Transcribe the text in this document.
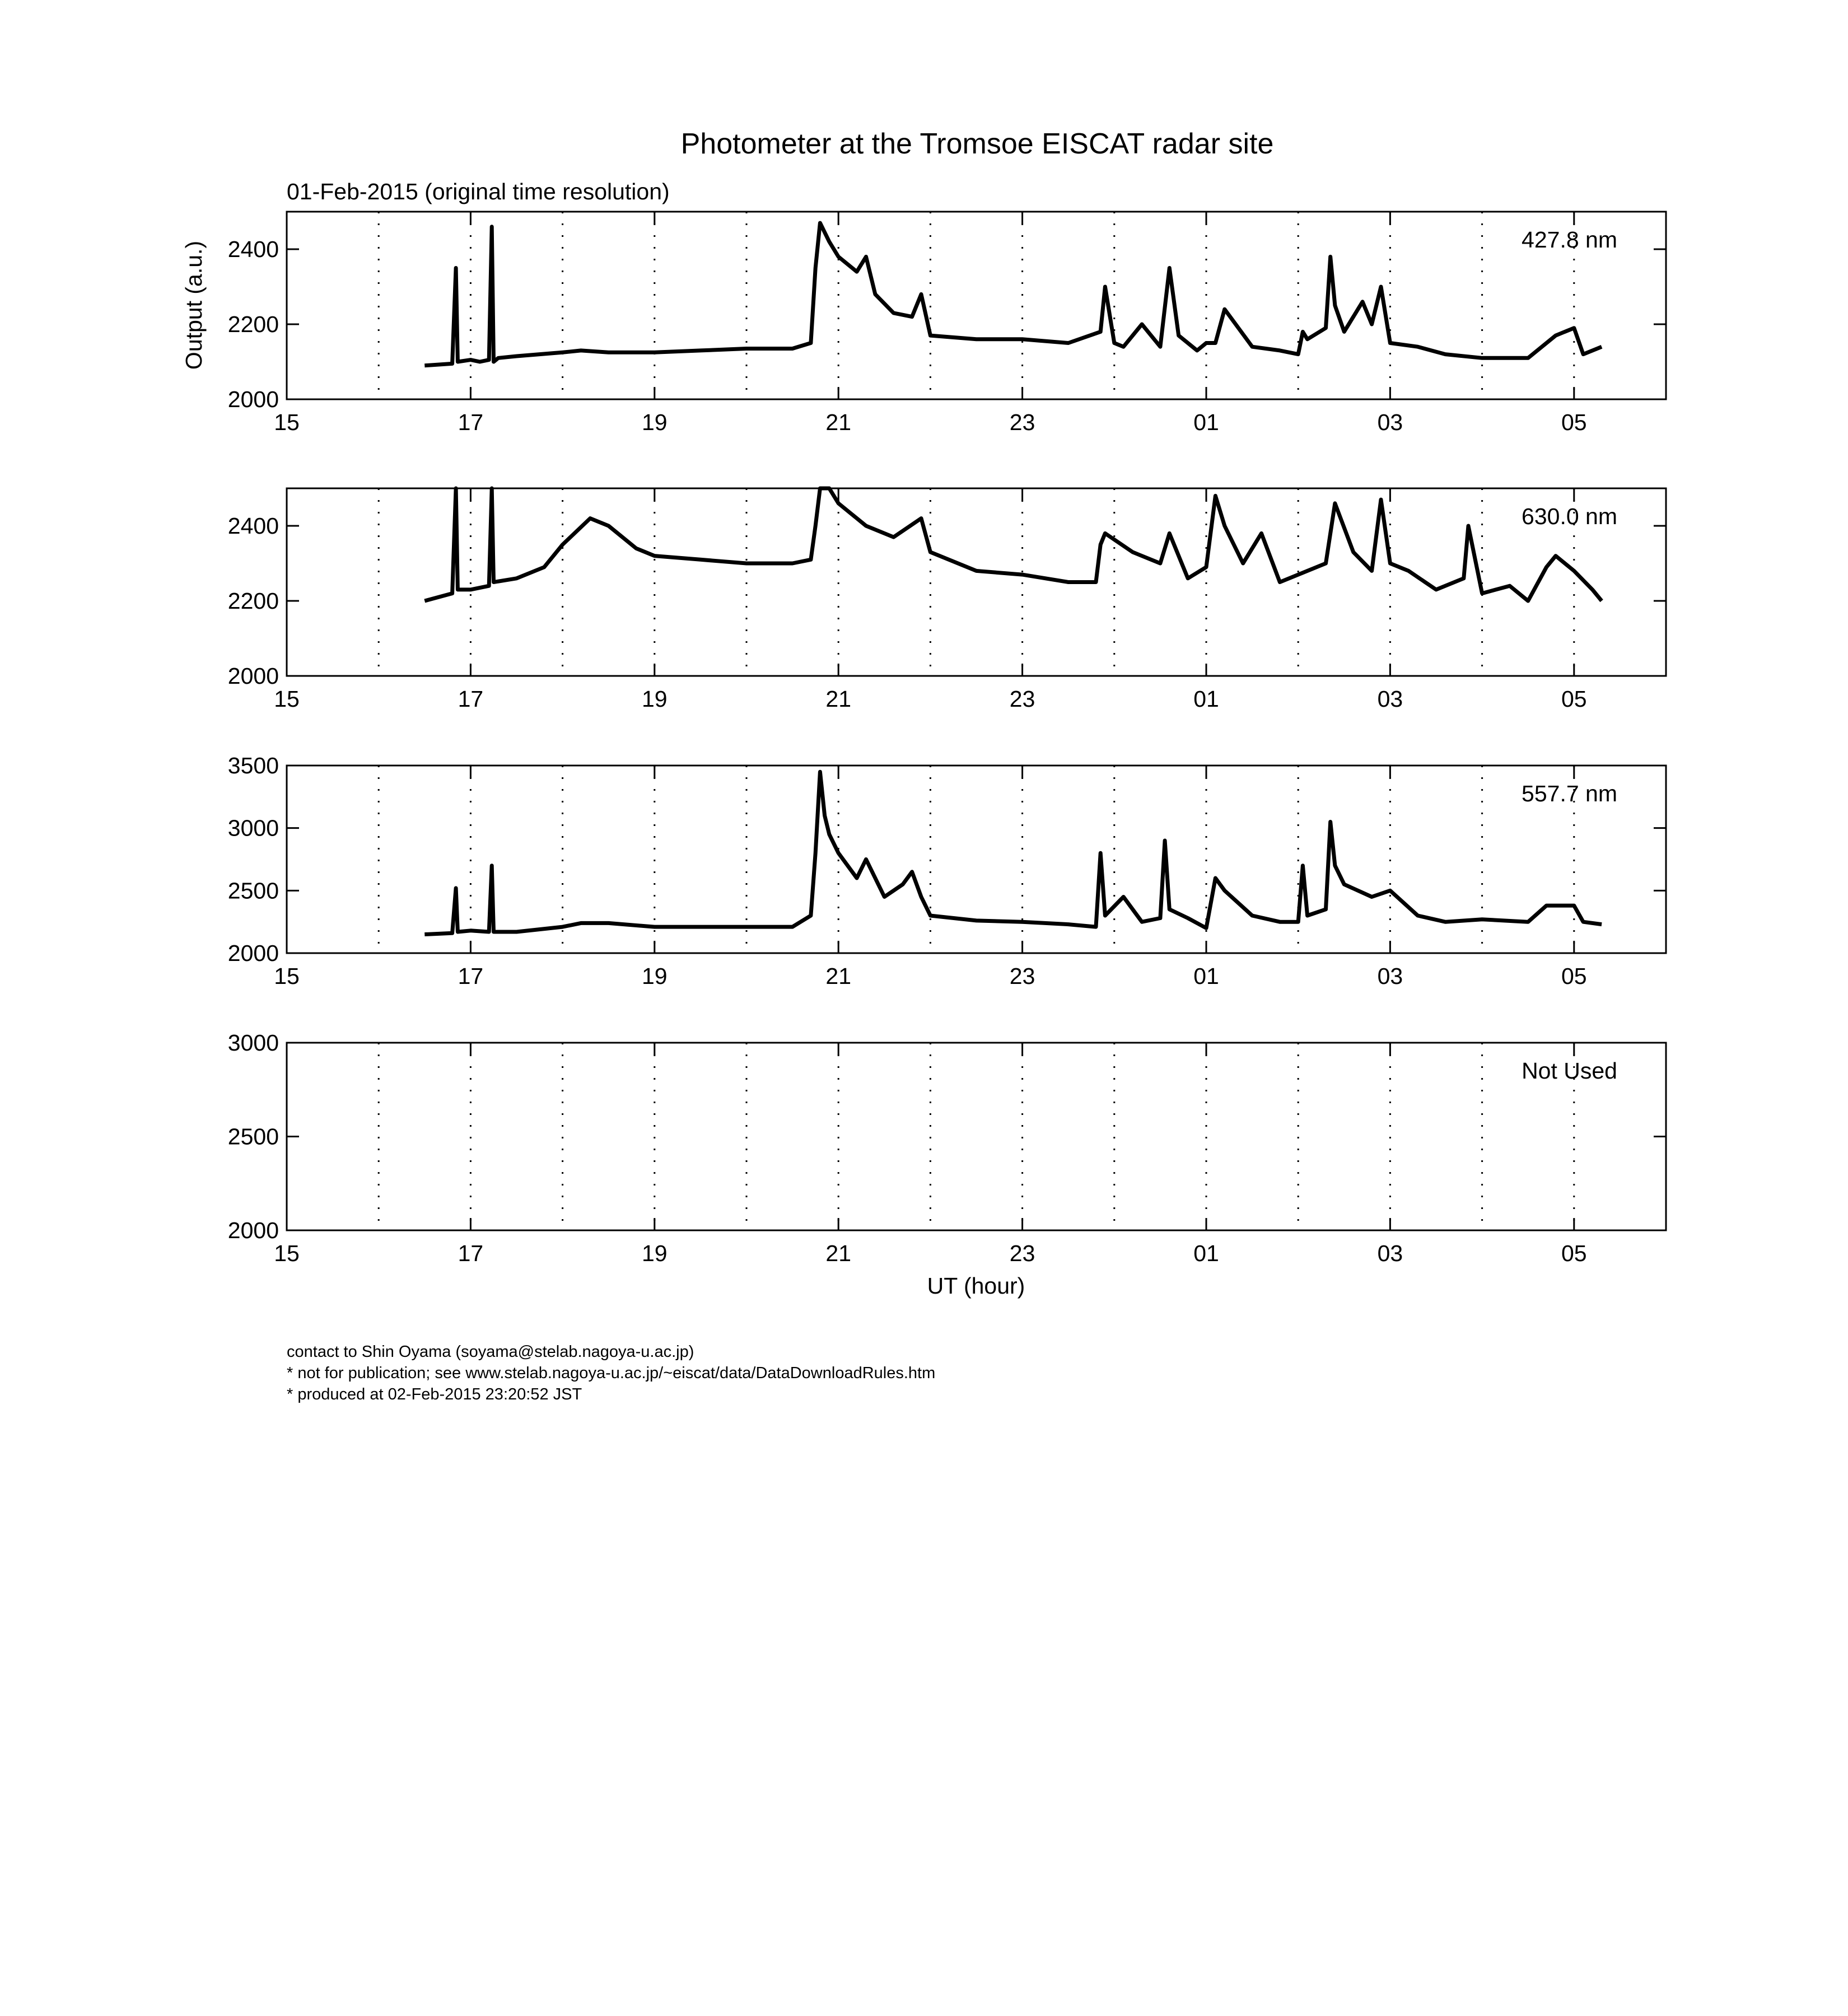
Photometer at the Tromsoe EISCAT radar site
01-Feb-2015 (original time resolution)
Output (a.u.)
UT (hour)
15	17	19	21	23	01	03	05
2000
2200
2400	427.8 nm
15	17	19	21	23	01	03	05
2000
2200
2400	630.0 nm
15	17	19	21	23	01	03	05
2000
2500
3000
3500
557.7 nm
15	17	19	21	23	01	03	05
2000
2500
3000
Not Used
contact to Shin Oyama (soyama@stelab.nagoya-u.ac.jp)
* not for publication; see www.stelab.nagoya-u.ac.jp/~eiscat/data/DataDownloadRules.htm
* produced at 02-Feb-2015 23:20:52 JST
